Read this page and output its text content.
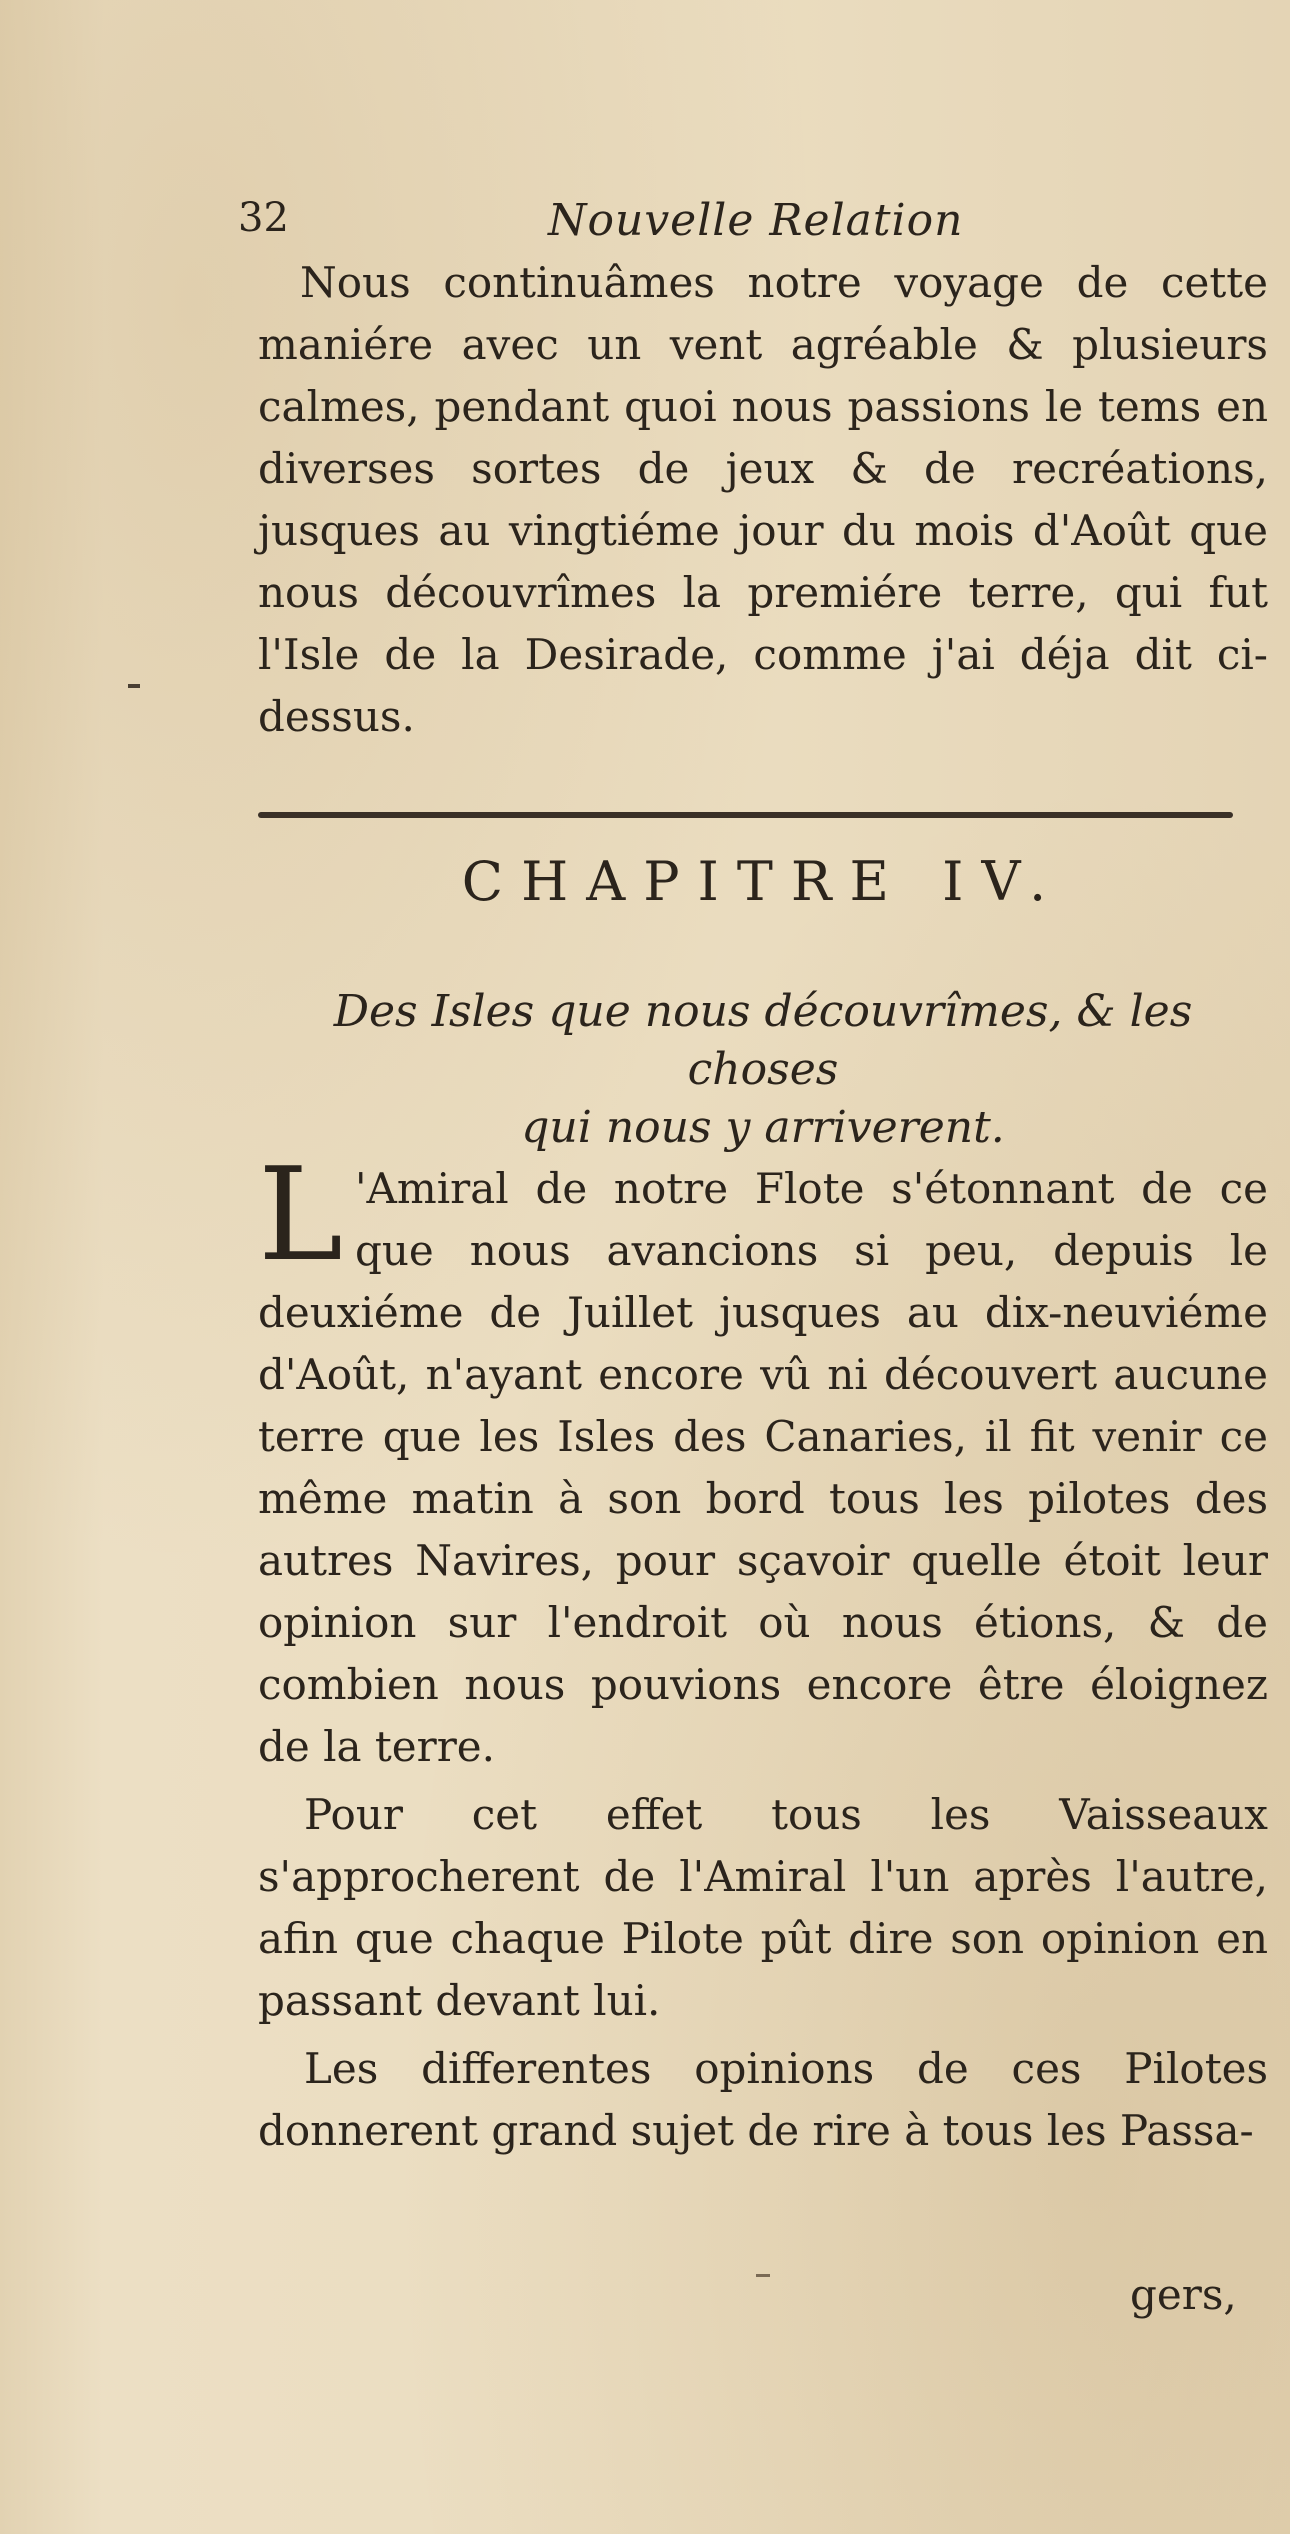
32	Nouvelle Relation

Nous continuâmes notre voyage de cette maniére avec un vent agréable & plusieurs calmes, pendant quoi nous passions le tems en diverses sortes de jeux & de recréations, jusques au vingtiéme jour du mois d'Août que nous découvrîmes la premiére terre, qui fut l'Isle de la Desirade, comme j'ai déja dit ci-dessus.

CHAPITRE IV.
Des Isles que nous découvrîmes, & les choses
qui nous y arriverent.

L 'Amiral de notre Flote s'étonnant de ce que nous avancions si peu, depuis le deuxiéme de Juillet jusques au dix-neuviéme d'Août, n'ayant encore vû ni découvert aucune terre que les Isles des Canaries, il fit venir ce même matin à son bord tous les pilotes des autres Navires, pour sçavoir quelle étoit leur opinion sur l'endroit où nous étions, & de combien nous pouvions encore être éloignez de la terre.

Pour cet effet tous les Vaisseaux s'approcherent de l'Amiral l'un après l'autre, afin que chaque Pilote pût dire son opinion en passant devant lui.

Les differentes opinions de ces Pilotes donnerent grand sujet de rire à tous les Passa-

gers,
